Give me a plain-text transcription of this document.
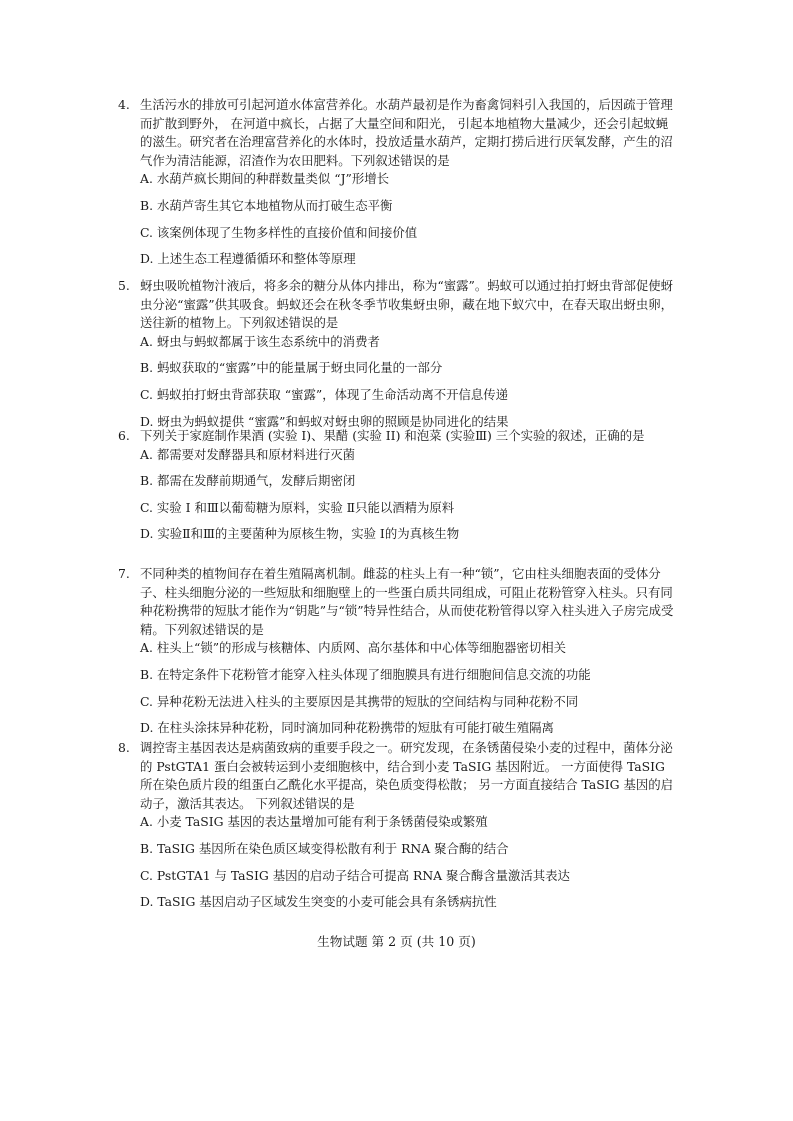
4. 生活污水的排放可引起河道水体富营养化。水葫芦最初是作为畜禽饲料引入我国的，后因疏于管理而扩散到野外， 在河道中疯长，占据了大量空间和阳光， 引起本地植物大量减少，还会引起蚊蝇的滋生。研究者在治理富营养化的水体时，投放适量水葫芦，定期打捞后进行厌氧发酵，产生的沼气作为清洁能源，沼渣作为农田肥料。下列叙述错误的是

A. 水葫芦疯长期间的种群数量类似 “J”形增长

B. 水葫芦寄生其它本地植物从而打破生态平衡

C. 该案例体现了生物多样性的直接价值和间接价值

D. 上述生态工程遵循循环和整体等原理

5. 蚜虫吸吮植物汁液后，将多余的糖分从体内排出，称为“蜜露”。蚂蚁可以通过拍打蚜虫背部促使蚜虫分泌“蜜露”供其吸食。蚂蚁还会在秋冬季节收集蚜虫卵，藏在地下蚁穴中，在春天取出蚜虫卵，送往新的植物上。下列叙述错误的是

A. 蚜虫与蚂蚁都属于该生态系统中的消费者

B. 蚂蚁获取的“蜜露”中的能量属于蚜虫同化量的一部分

C. 蚂蚁拍打蚜虫背部获取 “蜜露”，体现了生命活动离不开信息传递

D. 蚜虫为蚂蚁提供 “蜜露”和蚂蚁对蚜虫卵的照顾是协同进化的结果

6. 下列关于家庭制作果酒 (实验 I)、果醋 (实验 II) 和泡菜 (实验Ⅲ) 三个实验的叙述，正确的是

A. 都需要对发酵器具和原材料进行灭菌

B. 都需在发酵前期通气，发酵后期密闭

C. 实验 I 和Ⅲ以葡萄糖为原料，实验 Ⅱ只能以酒精为原料

D. 实验Ⅱ和Ⅲ的主要菌种为原核生物，实验 Ⅰ的为真核生物

7. 不同种类的植物间存在着生殖隔离机制。雌蕊的柱头上有一种“锁”，它由柱头细胞表面的受体分子、柱头细胞分泌的一些短肽和细胞壁上的一些蛋白质共同组成，可阻止花粉管穿入柱头。只有同种花粉携带的短肽才能作为“钥匙”与“锁”特异性结合，从而使花粉管得以穿入柱头进入子房完成受精。下列叙述错误的是

A. 柱头上“锁”的形成与核糖体、内质网、高尔基体和中心体等细胞器密切相关

B. 在特定条件下花粉管才能穿入柱头体现了细胞膜具有进行细胞间信息交流的功能

C. 异种花粉无法进入柱头的主要原因是其携带的短肽的空间结构与同种花粉不同

D. 在柱头涂抹异种花粉，同时滴加同种花粉携带的短肽有可能打破生殖隔离

8. 调控寄主基因表达是病菌致病的重要手段之一。研究发现，在条锈菌侵染小麦的过程中，菌体分泌的 PstGTA1 蛋白会被转运到小麦细胞核中，结合到小麦 TaSIG 基因附近。 一方面使得 TaSIG 所在染色质片段的组蛋白乙酰化水平提高，染色质变得松散； 另一方面直接结合 TaSIG 基因的启动子，激活其表达。 下列叙述错误的是

A. 小麦 TaSIG 基因的表达量增加可能有利于条锈菌侵染或繁殖

B. TaSIG 基因所在染色质区域变得松散有利于 RNA 聚合酶的结合

C. PstGTA1 与 TaSIG 基因的启动子结合可提高 RNA 聚合酶含量激活其表达

D. TaSIG 基因启动子区域发生突变的小麦可能会具有条锈病抗性

生物试题 第 2 页 (共 10 页)
